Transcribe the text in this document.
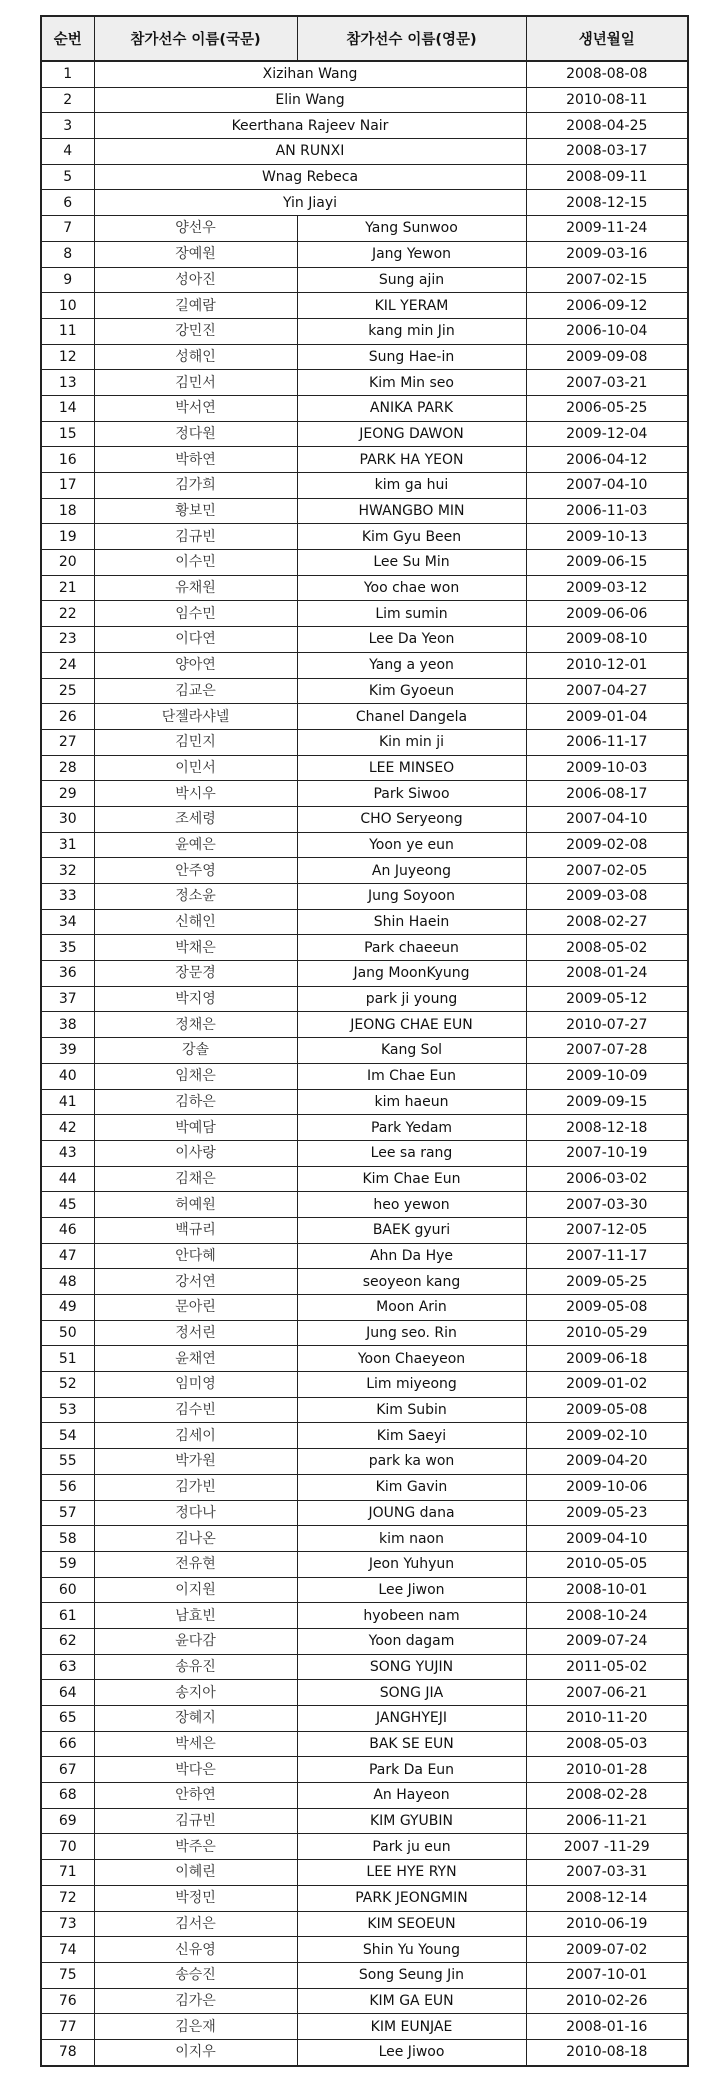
순번	참가선수 이름(국문)	참가선수 이름(영문)	생년월일
1	Xizihan Wang		2008-08-08
2	Elin Wang		2010-08-11
3	Keerthana Rajeev Nair		2008-04-25
4	AN RUNXI		2008-03-17
5	Wnag Rebeca		2008-09-11
6	Yin Jiayi		2008-12-15
7	양선우	Yang Sunwoo	2009-11-24
8	장예원	Jang Yewon	2009-03-16
9	성아진	Sung ajin	2007-02-15
10	길예람	KIL YERAM	2006-09-12
11	강민진	kang min Jin	2006-10-04
12	성해인	Sung Hae-in	2009-09-08
13	김민서	Kim Min seo	2007-03-21
14	박서연	ANIKA PARK	2006-05-25
15	정다원	JEONG DAWON	2009-12-04
16	박하연	PARK HA YEON	2006-04-12
17	김가희	kim ga hui	2007-04-10
18	황보민	HWANGBO MIN	2006-11-03
19	김규빈	Kim Gyu Been	2009-10-13
20	이수민	Lee Su Min	2009-06-15
21	유채원	Yoo chae won	2009-03-12
22	임수민	Lim sumin	2009-06-06
23	이다연	Lee Da Yeon	2009-08-10
24	양아연	Yang a yeon	2010-12-01
25	김교은	Kim Gyoeun	2007-04-27
26	단젤라샤넬	Chanel Dangela	2009-01-04
27	김민지	Kin min ji	2006-11-17
28	이민서	LEE MINSEO	2009-10-03
29	박시우	Park Siwoo	2006-08-17
30	조세령	CHO Seryeong	2007-04-10
31	윤예은	Yoon ye eun	2009-02-08
32	안주영	An Juyeong	2007-02-05
33	정소윤	Jung Soyoon	2009-03-08
34	신해인	Shin Haein	2008-02-27
35	박채은	Park chaeeun	2008-05-02
36	장문경	Jang MoonKyung	2008-01-24
37	박지영	park ji young	2009-05-12
38	정채은	JEONG CHAE EUN	2010-07-27
39	강솔	Kang Sol	2007-07-28
40	임채은	Im Chae Eun	2009-10-09
41	김하은	kim haeun	2009-09-15
42	박예담	Park Yedam	2008-12-18
43	이사랑	Lee sa rang	2007-10-19
44	김채은	Kim Chae Eun	2006-03-02
45	허예원	heo yewon	2007-03-30
46	백규리	BAEK gyuri	2007-12-05
47	안다혜	Ahn Da Hye	2007-11-17
48	강서연	seoyeon kang	2009-05-25
49	문아린	Moon Arin	2009-05-08
50	정서린	Jung seo. Rin	2010-05-29
51	윤채연	Yoon Chaeyeon	2009-06-18
52	임미영	Lim miyeong	2009-01-02
53	김수빈	Kim Subin	2009-05-08
54	김세이	Kim Saeyi	2009-02-10
55	박가원	park ka won	2009-04-20
56	김가빈	Kim Gavin	2009-10-06
57	정다나	JOUNG dana	2009-05-23
58	김나온	kim naon	2009-04-10
59	전유현	Jeon Yuhyun	2010-05-05
60	이지원	Lee Jiwon	2008-10-01
61	남효빈	hyobeen nam	2008-10-24
62	윤다감	Yoon dagam	2009-07-24
63	송유진	SONG YUJIN	2011-05-02
64	송지아	SONG JIA	2007-06-21
65	장혜지	JANGHYEJI	2010-11-20
66	박세은	BAK SE EUN	2008-05-03
67	박다은	Park Da Eun	2010-01-28
68	안하연	An Hayeon	2008-02-28
69	김규빈	KIM GYUBIN	2006-11-21
70	박주은	Park ju eun	2007 -11-29
71	이혜린	LEE HYE RYN	2007-03-31
72	박정민	PARK JEONGMIN	2008-12-14
73	김서은	KIM SEOEUN	2010-06-19
74	신유영	Shin Yu Young	2009-07-02
75	송승진	Song Seung Jin	2007-10-01
76	김가은	KIM GA EUN	2010-02-26
77	김은재	KIM EUNJAE	2008-01-16
78	이지우	Lee Jiwoo	2010-08-18
